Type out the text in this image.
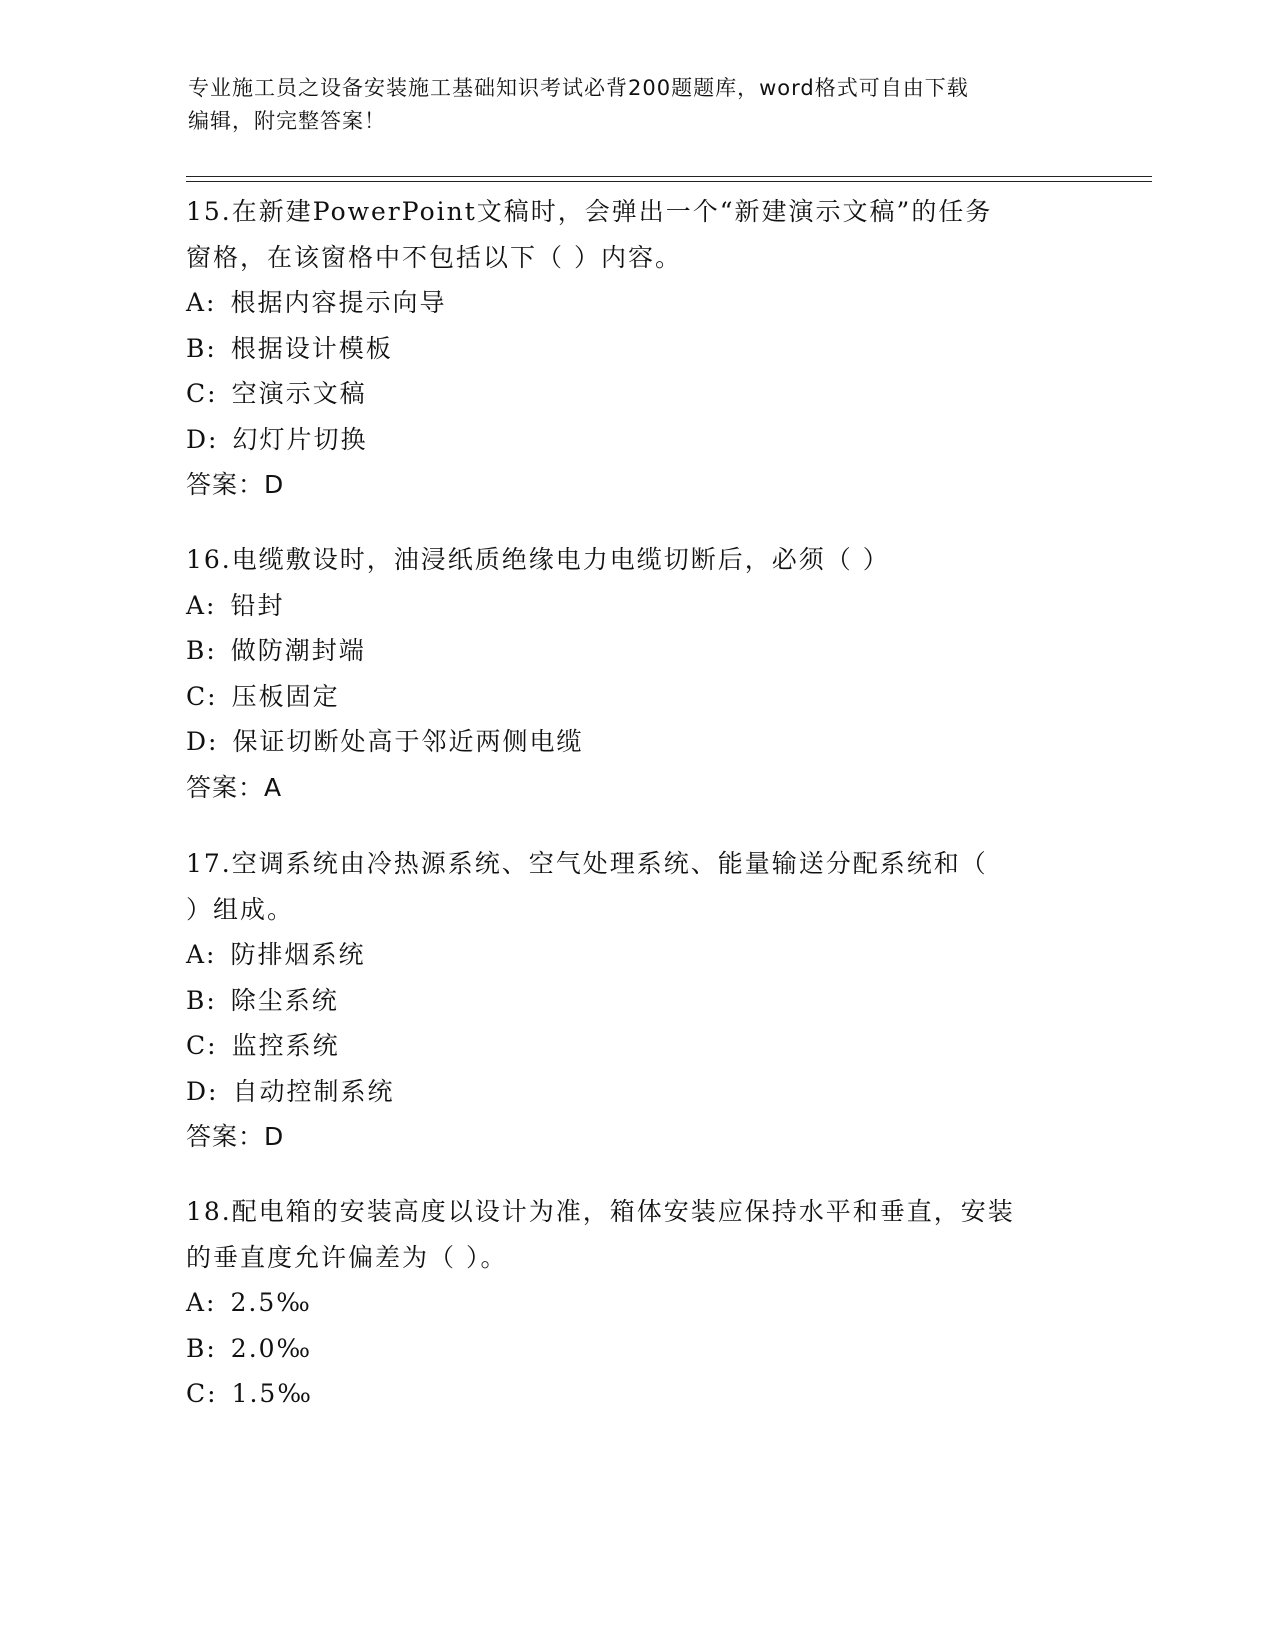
专业施工员之设备安装施工基础知识考试必背200题题库，word格式可自由下载
编辑，附完整答案！
15.在新建PowerPoint文稿时，会弹出一个“新建演示文稿”的任务
窗格，在该窗格中不包括以下（ ）内容。
A: 根据内容提示向导
B: 根据设计模板
C: 空演示文稿
D: 幻灯片切换
答案：D
16.电缆敷设时，油浸纸质绝缘电力电缆切断后，必须（ ）
A: 铅封
B: 做防潮封端
C: 压板固定
D: 保证切断处高于邻近两侧电缆
答案：A
17.空调系统由冷热源系统、空气处理系统、能量输送分配系统和（
）组成。
A: 防排烟系统
B: 除尘系统
C: 监控系统
D: 自动控制系统
答案：D
18.配电箱的安装高度以设计为准，箱体安装应保持水平和垂直，安装
的垂直度允许偏差为（ ）。
A: 2.5‰
B: 2.0‰
C: 1.5‰
